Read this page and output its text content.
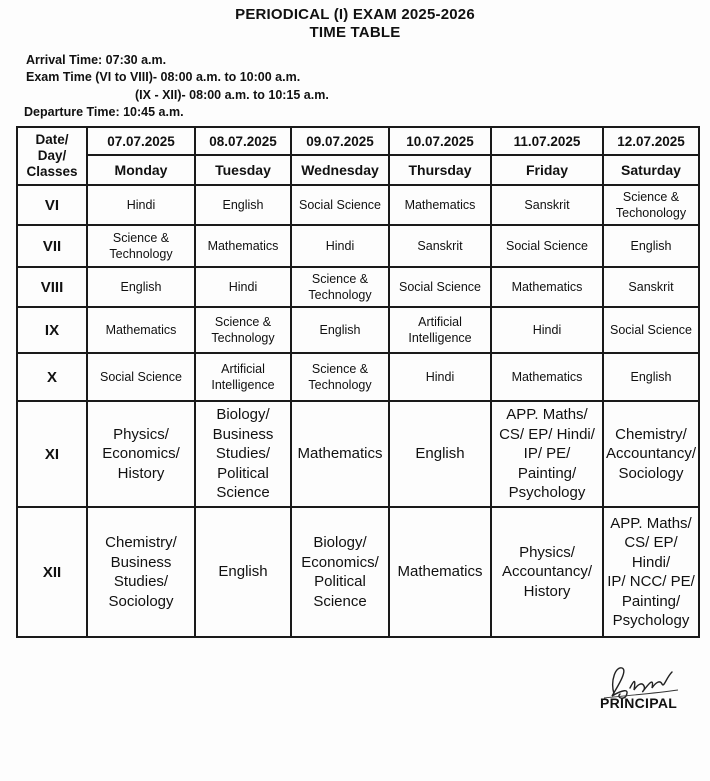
PERIODICAL (I) EXAM 2025-2026
TIME TABLE
Arrival Time: 07:30 a.m.
Exam Time (VI to VIII)- 08:00 a.m. to 10:00 a.m.
(IX - XII)- 08:00 a.m. to 10:15 a.m.
Departure Time: 10:45 a.m.
Date/
Day/
Classes	07.07.2025	08.07.2025	09.07.2025	10.07.2025	11.07.2025	12.07.2025
	Monday	Tuesday	Wednesday	Thursday	Friday	Saturday
VI	Hindi	English	Social Science	Mathematics	Sanskrit	Science & Techonology
VII	Science & Technology	Mathematics	Hindi	Sanskrit	Social Science	English
VIII	English	Hindi	Science & Technology	Social Science	Mathematics	Sanskrit
IX	Mathematics	Science & Technology	English	Artificial Intelligence	Hindi	Social Science
X	Social Science	Artificial Intelligence	Science & Technology	Hindi	Mathematics	English
XI	Physics/
Economics/
History	Biology/
Business
Studies/
Political
Science	Mathematics	English	APP. Maths/
CS/ EP/ Hindi/
IP/ PE/
Painting/
Psychology	Chemistry/
Accountancy/
Sociology
XII	Chemistry/
Business
Studies/
Sociology	English	Biology/
Economics/
Political
Science	Mathematics	Physics/
Accountancy/
History	APP. Maths/
CS/ EP/ Hindi/
IP/ NCC/ PE/
Painting/
Psychology
PRINCIPAL
